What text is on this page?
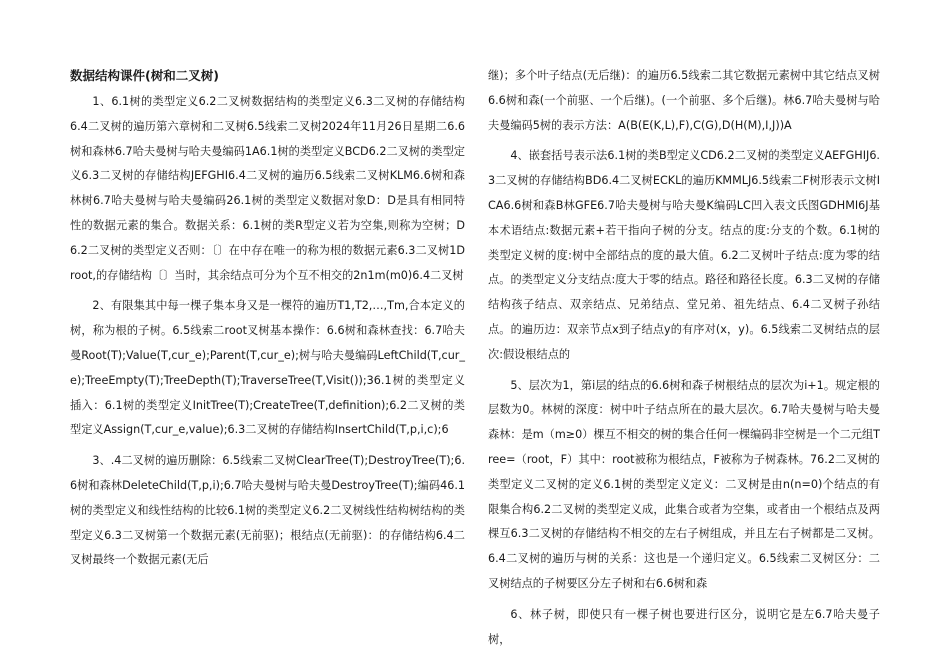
数据结构课件(树和二叉树)

1、6.1树的类型定义6.2二叉树数据结构的类型定义6.3二叉树的存储结构6.4二叉树的遍历第六章树和二叉树6.5线索二叉树2024年11月26日星期二6.6树和森林6.7哈夫曼树与哈夫曼编码1A6.1树的类型定义BCD6.2二叉树的类型定义6.3二叉树的存储结构JEFGHI6.4二叉树的遍历6.5线索二叉树KLM6.6树和森林树6.7哈夫曼树与哈夫曼编码26.1树的类型定义数据对象D：D是具有相同特性的数据元素的集合。数据关系：6.1树的类R型定义若为空集,则称为空树；D6.2二叉树的类型定义否则：〔〕在中存在唯一的称为根的数据元素6.3二叉树1Droot,的存储结构〔〕当时，其余结点可分为个互不相交的2n1m(m0)6.4二叉树

2、有限集其中每一棵子集本身又是一棵符的遍历T1,T2,…,Tm,合本定义的树，称为根的子树。6.5线索二root叉树基本操作：6.6树和森林查找：6.7哈夫曼Root(T);Value(T,cur_e);Parent(T,cur_e);树与哈夫曼编码LeftChild(T,cur_e);TreeEmpty(T);TreeDepth(T);TraverseTree(T,Visit());36.1树的类型定义插入：6.1树的类型定义InitTree(T);CreateTree(T,definition);6.2二叉树的类型定义Assign(T,cur_e,value);6.3二叉树的存储结构InsertChild(T,p,i,c);6

3、.4二叉树的遍历删除：6.5线索二叉树ClearTree(T);DestroyTree(T);6.6树和森林DeleteChild(T,p,i);6.7哈夫曼树与哈夫曼DestroyTree(T);编码46.1树的类型定义和线性结构的比较6.1树的类型定义6.2二叉树线性结构树结构的类型定义6.3二叉树第一个数据元素(无前驱)；根结点(无前驱)：的存储结构6.4二叉树最终一个数据元素(无后

继)；多个叶子结点(无后继)：的遍历6.5线索二其它数据元素树中其它结点叉树6.6树和森(一个前驱、一个后继)。(一个前驱、多个后继)。林6.7哈夫曼树与哈夫曼编码5树的表示方法：A(B(E(K,L),F),C(G),D(H(M),I,J))A

4、嵌套括号表示法6.1树的类B型定义CD6.2二叉树的类型定义AEFGHIJ6.3二叉树的存储结构BD6.4二叉树ECKL的遍历KMMLJ6.5线索二F树形表示文树ICA6.6树和森B林GFE6.7哈夫曼树与哈夫曼K编码LC凹入表文氏图GDHMI6J基本术语结点:数据元素+若干指向子树的分支。结点的度:分支的个数。6.1树的类型定义树的度:树中全部结点的度的最大值。6.2二叉树叶子结点:度为零的结点。的类型定义分支结点:度大于零的结点。路径和路径长度。6.3二叉树的存储结构孩子结点、双亲结点、兄弟结点、堂兄弟、祖先结点、6.4二叉树子孙结点。的遍历边：双亲节点x到子结点y的有序对(x，y)。6.5线索二叉树结点的层次:假设根结点的

5、层次为1，第i层的结点的6.6树和森子树根结点的层次为i+1。规定根的层数为0。林树的深度：树中叶子结点所在的最大层次。6.7哈夫曼树与哈夫曼森林：是m（m≥0）棵互不相交的树的集合任何一棵编码非空树是一个二元组Tree=（root，F）其中：root被称为根结点，F被称为子树森林。76.2二叉树的类型定义二叉树的定义6.1树的类型定义定义：二叉树是由n(n=0)个结点的有限集合构6.2二叉树的类型定义成，此集合或者为空集，或者由一个根结点及两棵互6.3二叉树的存储结构不相交的左右子树组成，并且左右子树都是二叉树。6.4二叉树的遍历与树的关系：这也是一个递归定义。6.5线索二叉树区分：二叉树结点的子树要区分左子树和右6.6树和森

6、林子树，即使只有一棵子树也要进行区分，说明它是左6.7哈夫曼子树，
